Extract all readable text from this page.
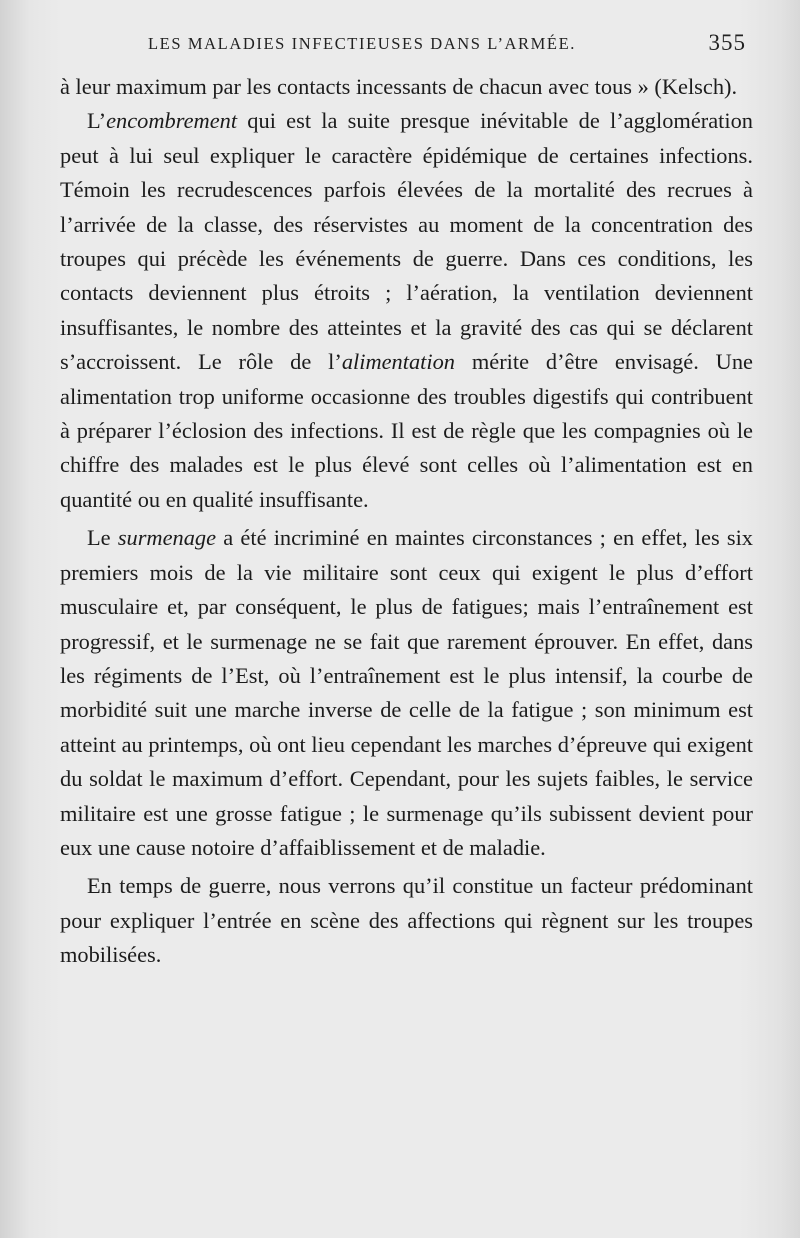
LES MALADIES INFECTIEUSES DANS L’ARMÉE.	355

à leur maximum par les contacts incessants de chacun avec tous » (Kelsch).

L’encombrement qui est la suite presque inévitable de l’agglomération peut à lui seul expliquer le caractère épidémique de certaines infections. Témoin les recrudescences parfois élevées de la mortalité des recrues à l’arrivée de la classe, des réservistes au moment de la concentration des troupes qui précède les événements de guerre. Dans ces conditions, les contacts deviennent plus étroits ; l’aération, la ventilation deviennent insuffisantes, le nombre des atteintes et la gravité des cas qui se déclarent s’accroissent. Le rôle de l’alimentation mérite d’être envisagé. Une alimentation trop uniforme occasionne des troubles digestifs qui contribuent à préparer l’éclosion des infections. Il est de règle que les compagnies où le chiffre des malades est le plus élevé sont celles où l’alimentation est en quantité ou en qualité insuffisante.

Le surmenage a été incriminé en maintes circonstances ; en effet, les six premiers mois de la vie militaire sont ceux qui exigent le plus d’effort musculaire et, par conséquent, le plus de fatigues; mais l’entraînement est progressif, et le surmenage ne se fait que rarement éprouver. En effet, dans les régiments de l’Est, où l’entraînement est le plus intensif, la courbe de morbidité suit une marche inverse de celle de la fatigue ; son minimum est atteint au printemps, où ont lieu cependant les marches d’épreuve qui exigent du soldat le maximum d’effort. Cependant, pour les sujets faibles, le service militaire est une grosse fatigue ; le surmenage qu’ils subissent devient pour eux une cause notoire d’affaiblissement et de maladie.

En temps de guerre, nous verrons qu’il constitue un facteur prédominant pour expliquer l’entrée en scène des affections qui règnent sur les troupes mobilisées.
